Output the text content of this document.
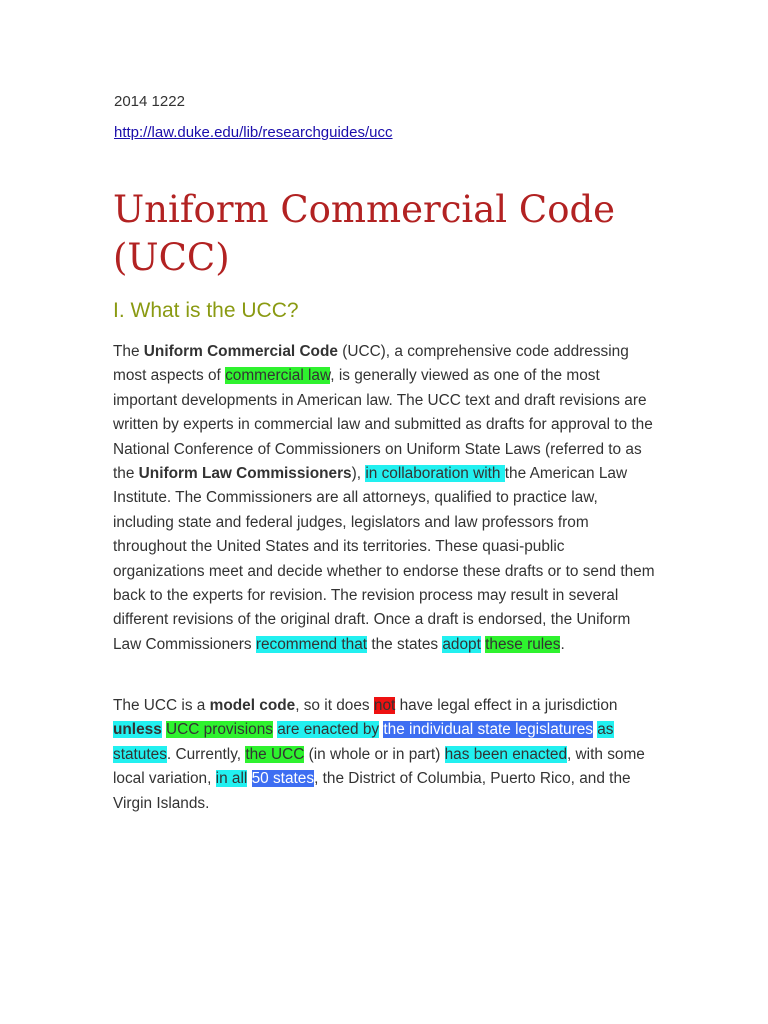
2014 1222
http://law.duke.edu/lib/researchguides/ucc
Uniform Commercial Code (UCC)
I. What is the UCC?

The Uniform Commercial Code (UCC), a comprehensive code addressing most aspects of commercial law, is generally viewed as one of the most important developments in American law. The UCC text and draft revisions are written by experts in commercial law and submitted as drafts for approval to the National Conference of Commissioners on Uniform State Laws (referred to as the Uniform Law Commissioners), in collaboration with the American Law Institute. The Commissioners are all attorneys, qualified to practice law, including state and federal judges, legislators and law professors from throughout the United States and its territories. These quasi-public organizations meet and decide whether to endorse these drafts or to send them back to the experts for revision. The revision process may result in several different revisions of the original draft. Once a draft is endorsed, the Uniform Law Commissioners recommend that the states adopt these rules.

The UCC is a model code, so it does not have legal effect in a jurisdiction unless UCC provisions are enacted by the individual state legislatures as statutes. Currently, the UCC (in whole or in part) has been enacted, with some local variation, in all 50 states, the District of Columbia, Puerto Rico, and the Virgin Islands.
